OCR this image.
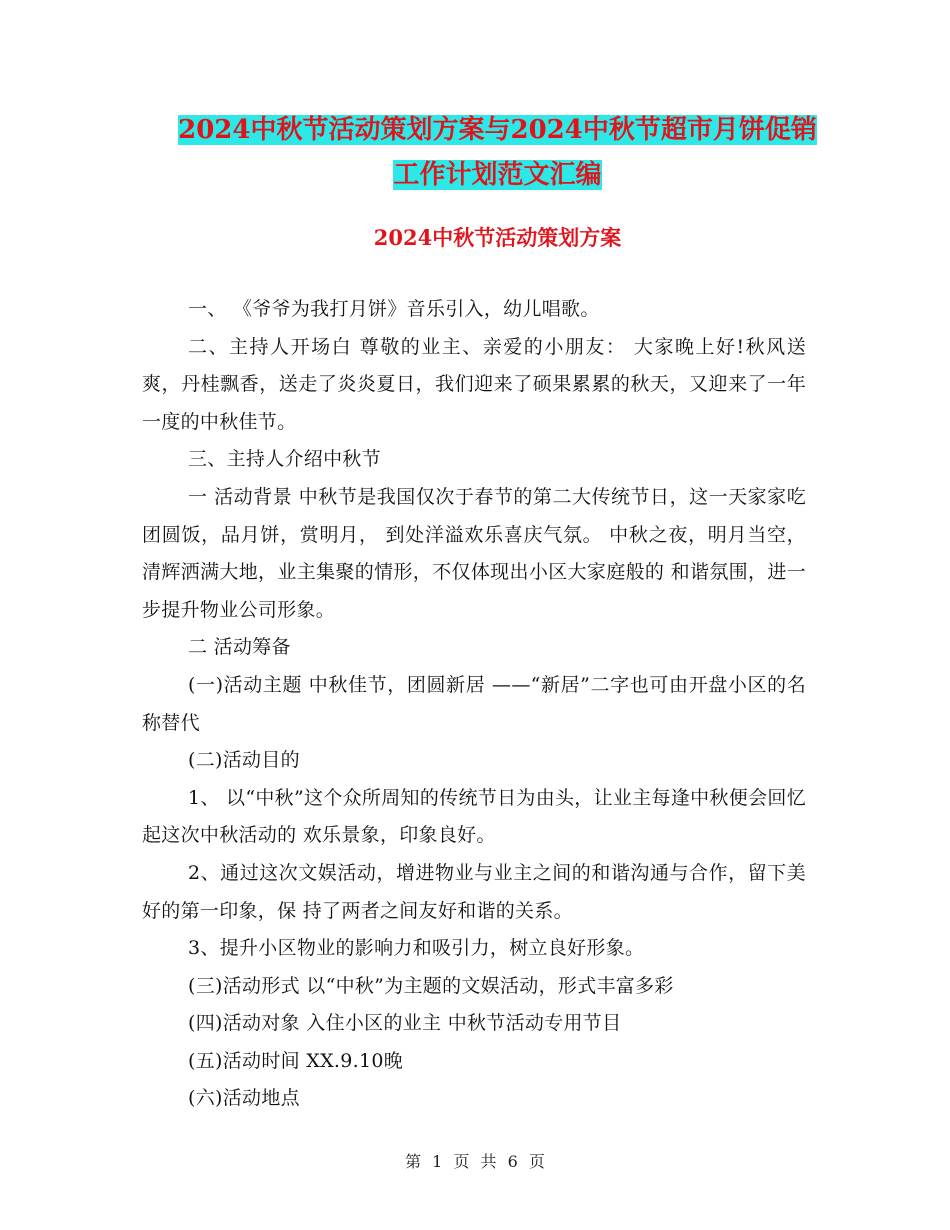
2024中秋节活动策划方案与2024中秋节超市月饼促销
工作计划范文汇编
2024中秋节活动策划方案

一、 《爷爷为我打月饼》音乐引入，幼儿唱歌。

二、主持人开场白 尊敬的业主、亲爱的小朋友： 大家晚上好!秋风送爽，丹桂飘香，送走了炎炎夏日，我们迎来了硕果累累的秋天，又迎来了一年一度的中秋佳节。

三、主持人介绍中秋节

一 活动背景 中秋节是我国仅次于春节的第二大传统节日，这一天家家吃团圆饭，品月饼，赏明月， 到处洋溢欢乐喜庆气氛。 中秋之夜，明月当空，清辉洒满大地，业主集聚的情形，不仅体现出小区大家庭般的 和谐氛围，进一步提升物业公司形象。

二 活动筹备

(一)活动主题 中秋佳节，团圆新居 ——“新居”二字也可由开盘小区的名称替代

(二)活动目的

1、 以“中秋”这个众所周知的传统节日为由头，让业主每逢中秋便会回忆起这次中秋活动的 欢乐景象，印象良好。

2、通过这次文娱活动，增进物业与业主之间的和谐沟通与合作，留下美好的第一印象，保 持了两者之间友好和谐的关系。

3、提升小区物业的影响力和吸引力，树立良好形象。

(三)活动形式 以“中秋”为主题的文娱活动，形式丰富多彩

(四)活动对象 入住小区的业主 中秋节活动专用节目

(五)活动时间 XX.9.10晚

(六)活动地点

第 1 页 共 6 页
